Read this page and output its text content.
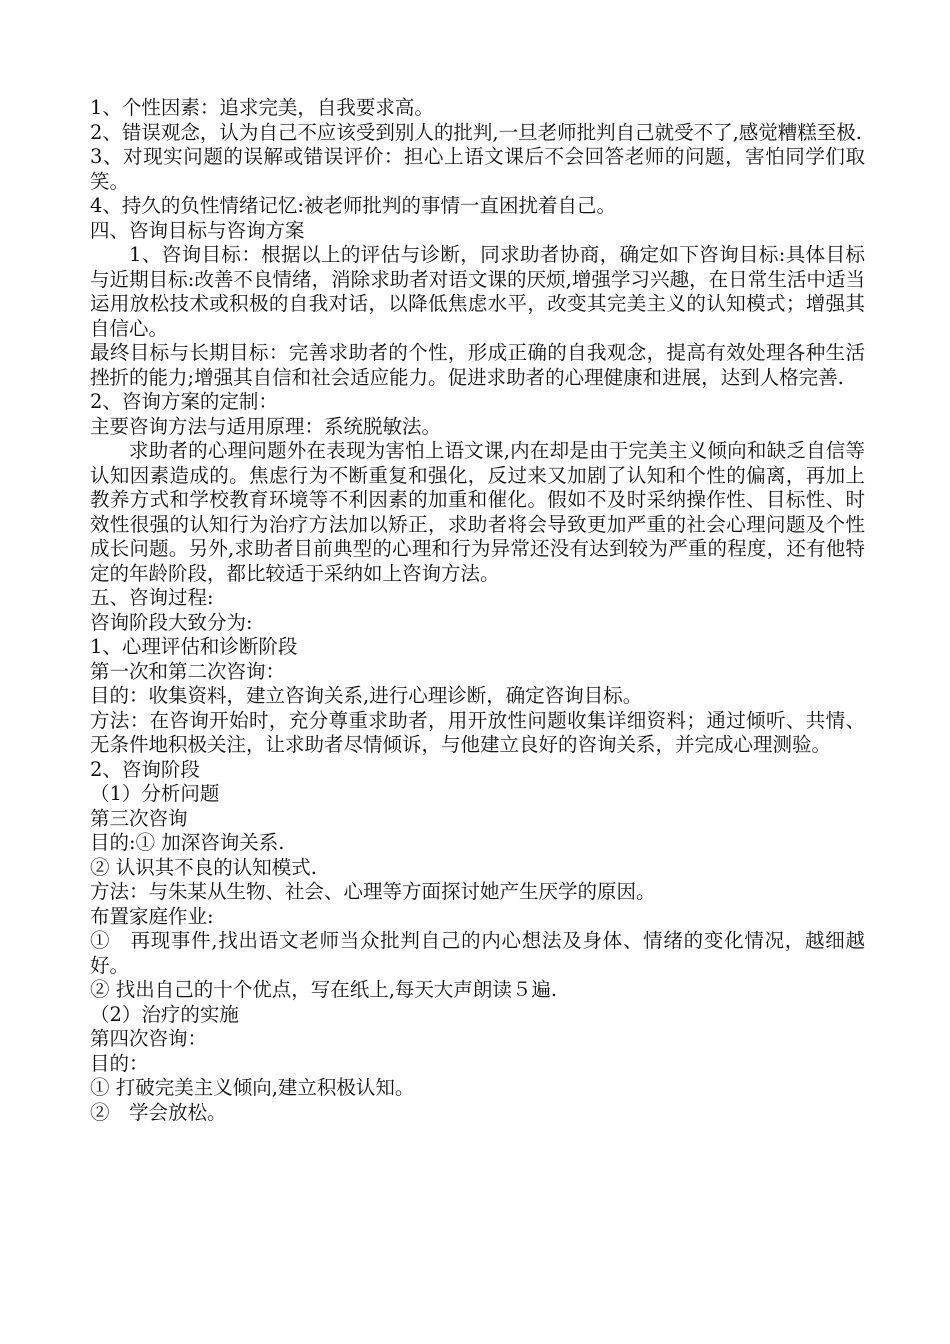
1、个性因素：追求完美，自我要求高。

2、错误观念，认为自己不应该受到别人的批判,一旦老师批判自己就受不了,感觉糟糕至极.

3、对现实问题的误解或错误评价：担心上语文课后不会回答老师的问题，害怕同学们取笑。

4、持久的负性情绪记忆:被老师批判的事情一直困扰着自己。

四、咨询目标与咨询方案

1、咨询目标：根据以上的评估与诊断，同求助者协商，确定如下咨询目标:具体目标与近期目标:改善不良情绪，消除求助者对语文课的厌烦,增强学习兴趣，在日常生活中适当运用放松技术或积极的自我对话，以降低焦虑水平，改变其完美主义的认知模式；增强其自信心。

最终目标与长期目标：完善求助者的个性，形成正确的自我观念，提高有效处理各种生活挫折的能力;增强其自信和社会适应能力。促进求助者的心理健康和进展，达到人格完善.

2、咨询方案的定制：

主要咨询方法与适用原理：系统脱敏法。

求助者的心理问题外在表现为害怕上语文课,内在却是由于完美主义倾向和缺乏自信等认知因素造成的。焦虑行为不断重复和强化，反过来又加剧了认知和个性的偏离，再加上教养方式和学校教育环境等不利因素的加重和催化。假如不及时采纳操作性、目标性、时效性很强的认知行为治疗方法加以矫正，求助者将会导致更加严重的社会心理问题及个性成长问题。另外,求助者目前典型的心理和行为异常还没有达到较为严重的程度，还有他特定的年龄阶段，都比较适于采纳如上咨询方法。

五、咨询过程:

咨询阶段大致分为:

1、心理评估和诊断阶段

第一次和第二次咨询：

目的：收集资料，建立咨询关系,进行心理诊断，确定咨询目标。

方法：在咨询开始时，充分尊重求助者，用开放性问题收集详细资料；通过倾听、共情、无条件地积极关注，让求助者尽情倾诉，与他建立良好的咨询关系，并完成心理测验。

2、咨询阶段

（1）分析问题

第三次咨询

目的:① 加深咨询关系.

② 认识其不良的认知模式.

方法：与朱某从生物、社会、心理等方面探讨她产生厌学的原因。

布置家庭作业:

①　再现事件,找出语文老师当众批判自己的内心想法及身体、情绪的变化情况，越细越好。

② 找出自己的十个优点，写在纸上,每天大声朗读５遍.

（2）治疗的实施

第四次咨询：

目的：

① 打破完美主义倾向,建立积极认知。

②　学会放松。
